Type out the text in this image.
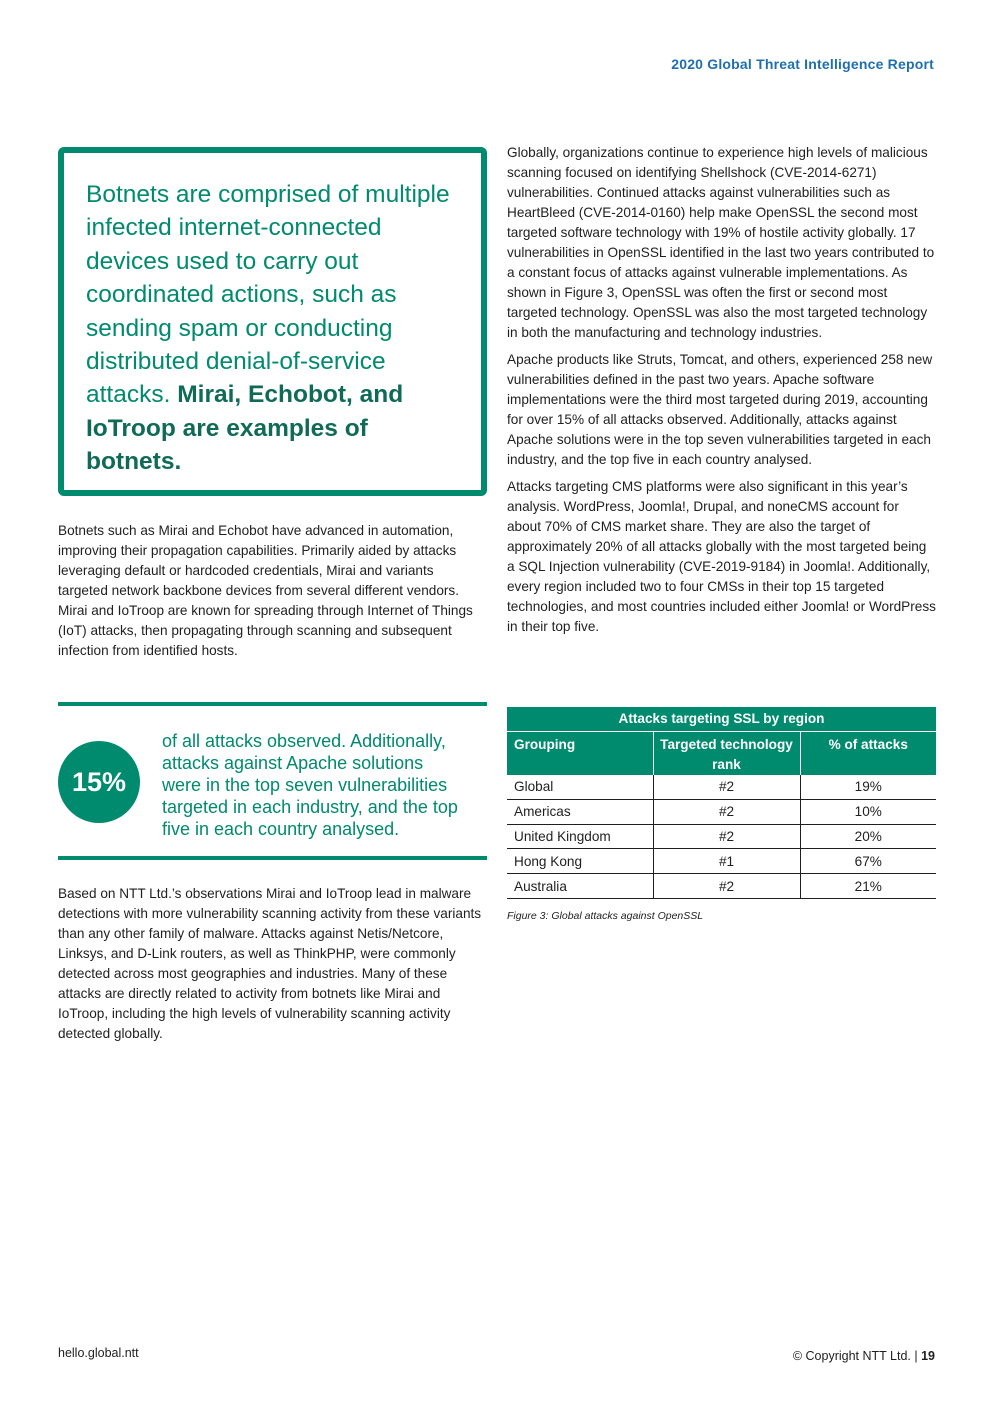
2020 Global Threat Intelligence Report

Botnets are comprised of multiple infected internet-connected devices used to carry out coordinated actions, such as sending spam or conducting distributed denial-of-service attacks. Mirai, Echobot, and IoTroop are examples of botnets.

Botnets such as Mirai and Echobot have advanced in automation, improving their propagation capabilities. Primarily aided by attacks leveraging default or hardcoded credentials, Mirai and variants targeted network backbone devices from several different vendors. Mirai and IoTroop are known for spreading through Internet of Things (IoT) attacks, then propagating through scanning and subsequent infection from identified hosts.

15%
of all attacks observed. Additionally, attacks against Apache solutions were in the top seven vulnerabilities targeted in each industry, and the top five in each country analysed.

Based on NTT Ltd.’s observations Mirai and IoTroop lead in malware detections with more vulnerability scanning activity from these variants than any other family of malware. Attacks against Netis/Netcore, Linksys, and D-Link routers, as well as ThinkPHP, were commonly detected across most geographies and industries. Many of these attacks are directly related to activity from botnets like Mirai and IoTroop, including the high levels of vulnerability scanning activity detected globally.

Globally, organizations continue to experience high levels of malicious scanning focused on identifying Shellshock (CVE-2014-6271) vulnerabilities. Continued attacks against vulnerabilities such as HeartBleed (CVE-2014-0160) help make OpenSSL the second most targeted software technology with 19% of hostile activity globally. 17 vulnerabilities in OpenSSL identified in the last two years contributed to a constant focus of attacks against vulnerable implementations. As shown in Figure 3, OpenSSL was often the first or second most targeted technology. OpenSSL was also the most targeted technology in both the manufacturing and technology industries.

Apache products like Struts, Tomcat, and others, experienced 258 new vulnerabilities defined in the past two years. Apache software implementations were the third most targeted during 2019, accounting for over 15% of all attacks observed. Additionally, attacks against Apache solutions were in the top seven vulnerabilities targeted in each industry, and the top five in each country analysed.

Attacks targeting CMS platforms were also significant in this year’s analysis. WordPress, Joomla!, Drupal, and noneCMS account for about 70% of CMS market share. They are also the target of approximately 20% of all attacks globally with the most targeted being a SQL Injection vulnerability (CVE-2019-9184) in Joomla!. Additionally, every region included two to four CMSs in their top 15 targeted technologies, and most countries included either Joomla! or WordPress in their top five.

Attacks targeting SSL by region		
Grouping	Targeted technology rank	% of attacks
Global	#2	19%
Americas	#2	10%
United Kingdom	#2	20%
Hong Kong	#1	67%
Australia	#2	21%
Figure 3: Global attacks against OpenSSL
hello.global.ntt	© Copyright NTT Ltd. | 19
